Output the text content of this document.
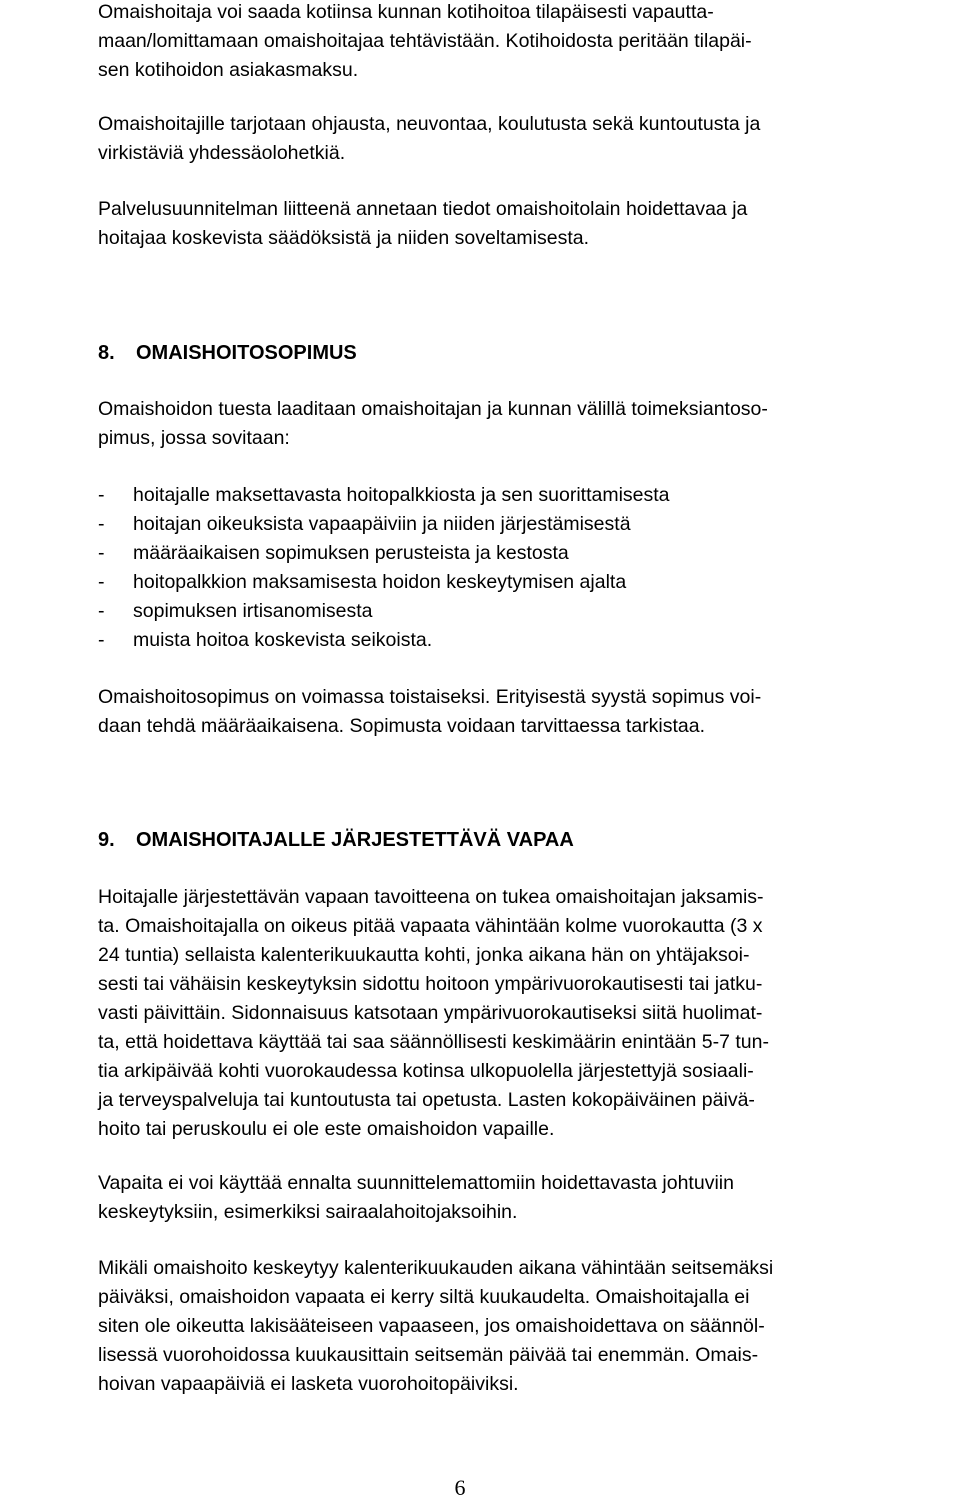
Omaishoitaja voi saada kotiinsa kunnan kotihoitoa tilapäisesti vapautta-
maan/lomittamaan omaishoitajaa tehtävistään. Kotihoidosta peritään tilapäi-
sen kotihoidon asiakasmaksu.
Omaishoitajille tarjotaan ohjausta, neuvontaa, koulutusta sekä kuntoutusta ja
virkistäviä yhdessäolohetkiä.
Palvelusuunnitelman liitteenä annetaan tiedot omaishoitolain hoidettavaa ja
hoitajaa koskevista säädöksistä ja niiden soveltamisesta.
8. OMAISHOITOSOPIMUS
Omaishoidon tuesta laaditaan omaishoitajan ja kunnan välillä toimeksiantoso-
pimus, jossa sovitaan:
- hoitajalle maksettavasta hoitopalkkiosta ja sen suorittamisesta
- hoitajan oikeuksista vapaapäiviin ja niiden järjestämisestä
- määräaikaisen sopimuksen perusteista ja kestosta
- hoitopalkkion maksamisesta hoidon keskeytymisen ajalta
- sopimuksen irtisanomisesta
- muista hoitoa koskevista seikoista.
Omaishoitosopimus on voimassa toistaiseksi. Erityisestä syystä sopimus voi-
daan tehdä määräaikaisena. Sopimusta voidaan tarvittaessa tarkistaa.
9. OMAISHOITAJALLE JÄRJESTETTÄVÄ VAPAA
Hoitajalle järjestettävän vapaan tavoitteena on tukea omaishoitajan jaksamis-
ta. Omaishoitajalla on oikeus pitää vapaata vähintään kolme vuorokautta (3 x
24 tuntia) sellaista kalenterikuukautta kohti, jonka aikana hän on yhtäjaksoi-
sesti tai vähäisin keskeytyksin sidottu hoitoon ympärivuorokautisesti tai jatku-
vasti päivittäin. Sidonnaisuus katsotaan ympärivuorokautiseksi siitä huolimat-
ta, että hoidettava käyttää tai saa säännöllisesti keskimäärin enintään 5-7 tun-
tia arkipäivää kohti vuorokaudessa kotinsa ulkopuolella järjestettyjä sosiaali-
ja terveyspalveluja tai kuntoutusta tai opetusta. Lasten kokopäiväinen päivä-
hoito tai peruskoulu ei ole este omaishoidon vapaille.
Vapaita ei voi käyttää ennalta suunnittelemattomiin hoidettavasta johtuviin
keskeytyksiin, esimerkiksi sairaalahoitojaksoihin.
Mikäli omaishoito keskeytyy kalenterikuukauden aikana vähintään seitsemäksi
päiväksi, omaishoidon vapaata ei kerry siltä kuukaudelta. Omaishoitajalla ei
siten ole oikeutta lakisääteiseen vapaaseen, jos omaishoidettava on säännöl-
lisessä vuorohoidossa kuukausittain seitsemän päivää tai enemmän. Omais-
hoivan vapaapäiviä ei lasketa vuorohoitopäiviksi.
6
